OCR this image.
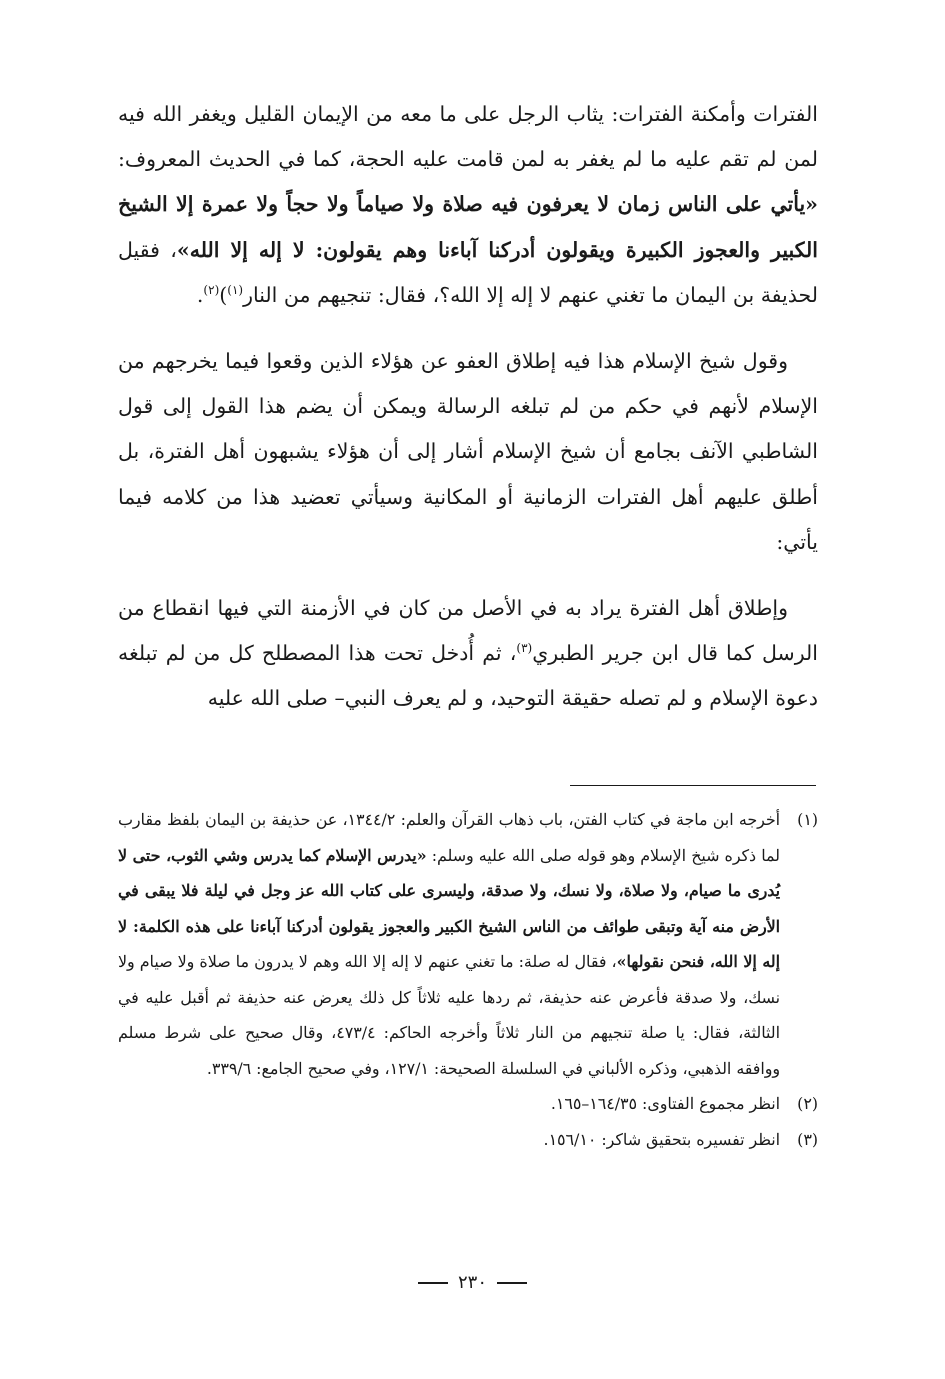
الفترات وأمكنة الفترات: يثاب الرجل على ما معه من الإيمان القليل ويغفر الله فيه لمن لم تقم عليه ما لم يغفر به لمن قامت عليه الحجة، كما في الحديث المعروف: «يأتي على الناس زمان لا يعرفون فيه صلاة ولا صياماً ولا حجاً ولا عمرة إلا الشيخ الكبير والعجوز الكبيرة ويقولون أدركنا آباءنا وهم يقولون: لا إله إلا الله»، فقيل لحذيفة بن اليمان ما تغني عنهم لا إله إلا الله؟، فقال: تنجيهم من النار$^{(١)}$)$^{(٢)}$.

وقول شيخ الإسلام هذا فيه إطلاق العفو عن هؤلاء الذين وقعوا فيما يخرجهم من الإسلام لأنهم في حكم من لم تبلغه الرسالة ويمكن أن يضم هذا القول إلى قول الشاطبي الآنف بجامع أن شيخ الإسلام أشار إلى أن هؤلاء يشبهون أهل الفترة، بل أطلق عليهم أهل الفترات الزمانية أو المكانية وسيأتي تعضيد هذا من كلامه فيما يأتي:

وإطلاق أهل الفترة يراد به في الأصل من كان في الأزمنة التي فيها انقطاع من الرسل كما قال ابن جرير الطبري$^{(٣)}$، ثم أُدخل تحت هذا المصطلح كل من لم تبلغه دعوة الإسلام و لم تصله حقيقة التوحيد، و لم يعرف النبي– صلى الله عليه

(١)
أخرجه ابن ماجة في كتاب الفتن، باب ذهاب القرآن والعلم: ١٣٤٤/٢، عن حذيفة بن اليمان بلفظ مقارب لما ذكره شيخ الإسلام وهو قوله صلى الله عليه وسلم: «يدرس الإسلام كما يدرس وشي الثوب، حتى لا يُدرى ما صيام، ولا صلاة، ولا نسك، ولا صدقة، وليسرى على كتاب الله عز وجل في ليلة فلا يبقى في الأرض منه آية وتبقى طوائف من الناس الشيخ الكبير والعجوز يقولون أدركنا آباءنا على هذه الكلمة: لا إله إلا الله، فنحن نقولها»، فقال له صلة: ما تغني عنهم لا إله إلا الله وهم لا يدرون ما صلاة ولا صيام ولا نسك، ولا صدقة فأعرض عنه حذيفة، ثم ردها عليه ثلاثاً كل ذلك يعرض عنه حذيفة ثم أقبل عليه في الثالثة، فقال: يا صلة تنجيهم من النار ثلاثاً وأخرجه الحاكم: ٤٧٣/٤، وقال صحيح على شرط مسلم ووافقه الذهبي، وذكره الألباني في السلسلة الصحيحة: ١٢٧/١، وفي صحيح الجامع: ٣٣٩/٦.
(٢)
انظر مجموع الفتاوى: ١٦٤/٣٥–١٦٥.
(٣)
انظر تفسيره بتحقيق شاكر: ١٥٦/١٠.
٢٣٠
